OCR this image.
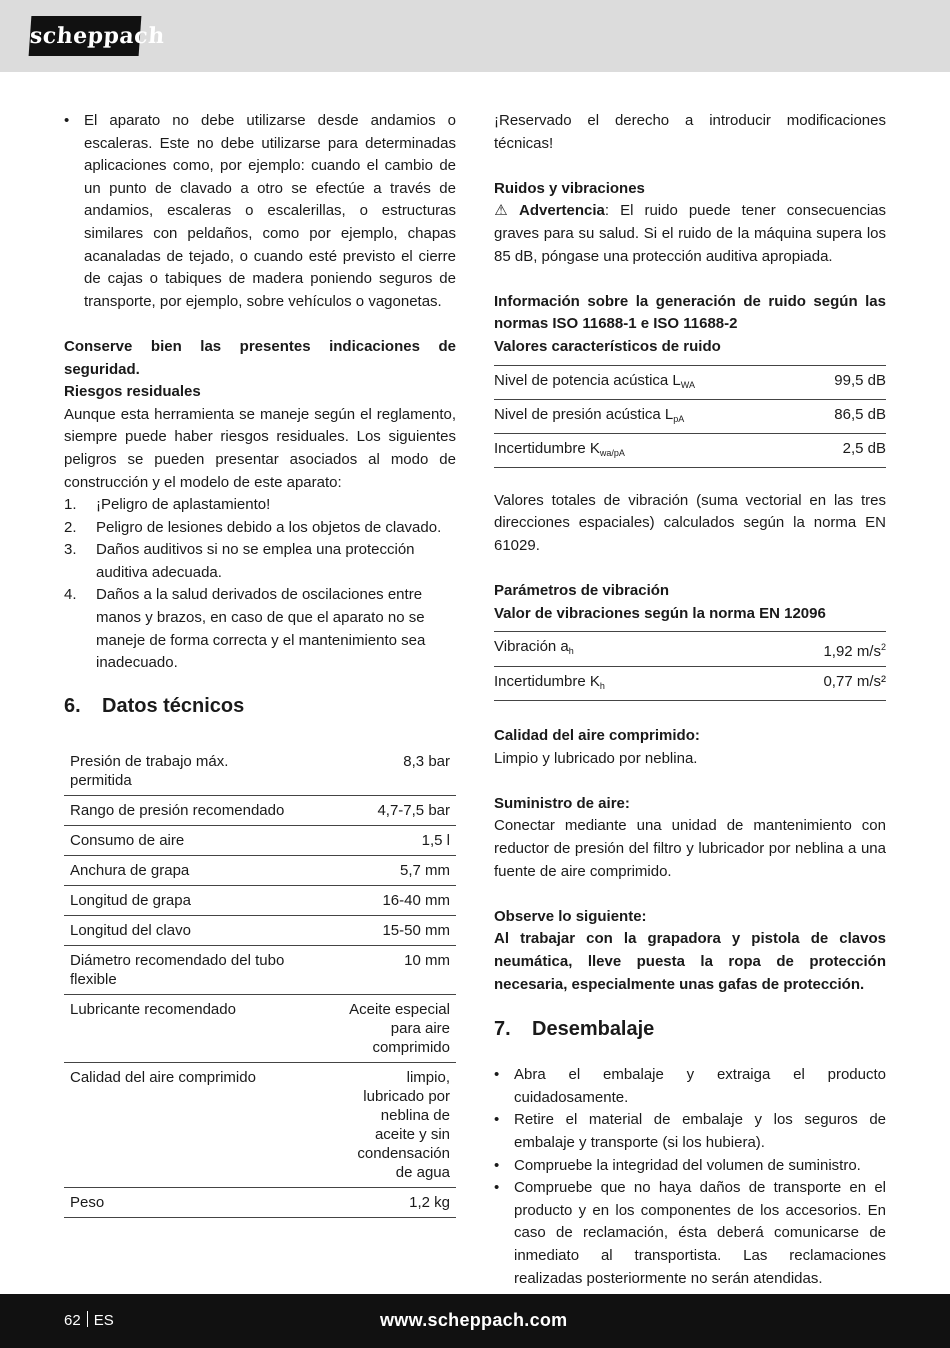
scheppach
• El aparato no debe utilizarse desde andamios o escaleras. Este no debe utilizarse para determinadas aplicaciones como, por ejemplo: cuando el cambio de un punto de clavado a otro se efectúe a través de andamios, escaleras o escalerillas, o estructuras similares con peldaños, como por ejemplo, chapas acanaladas de tejado, o cuando esté previsto el cierre de cajas o tabiques de madera poniendo seguros de transporte, por ejemplo, sobre vehículos o vagonetas.

Conserve bien las presentes indicaciones de seguridad.

Riesgos residuales

Aunque esta herramienta se maneje según el reglamento, siempre puede haber riesgos residuales. Los siguientes peligros se pueden presentar asociados al modo de construcción y el modelo de este aparato:

1. ¡Peligro de aplastamiento!
2. Peligro de lesiones debido a los objetos de clavado.
3. Daños auditivos si no se emplea una protección auditiva adecuada.
4. Daños a la salud derivados de oscilaciones entre manos y brazos, en caso de que el aparato no se maneje de forma correcta y el mantenimiento sea inadecuado.
6.	Datos técnicos
Presión de trabajo máx. permitida	8,3 bar
Rango de presión recomendado	4,7-7,5 bar
Consumo de aire	1,5 l
Anchura de grapa	5,7 mm
Longitud de grapa	16-40 mm
Longitud del clavo	15-50 mm
Diámetro recomendado del tubo flexible	10 mm
Lubricante recomendado	Aceite especial para aire comprimido
Calidad del aire comprimido	limpio, lubricado por neblina de aceite y sin condensación de agua
Peso	1,2 kg

¡Reservado el derecho a introducir modificaciones técnicas!

Ruidos y vibraciones

⚠ Advertencia: El ruido puede tener consecuencias graves para su salud. Si el ruido de la máquina supera los 85 dB, póngase una protección auditiva apropiada.

Información sobre la generación de ruido según las normas ISO 11688-1 e ISO 11688-2

Valores característicos de ruido

Nivel de potencia acústica $L_{WA}$	99,5 dB
Nivel de presión acústica $L_{pA}$	86,5 dB
Incertidumbre $K_{wa/pA}$	2,5 dB

Valores totales de vibración (suma vectorial en las tres direcciones espaciales) calculados según la norma EN 61029.

Parámetros de vibración

Valor de vibraciones según la norma EN 12096

Vibración $a_h$	1,92 $m/s^2$
Incertidumbre $K_h$	0,77 m/s²

Calidad del aire comprimido:

Limpio y lubricado por neblina.

Suministro de aire:

Conectar mediante una unidad de mantenimiento con reductor de presión del filtro y lubricador por neblina a una fuente de aire comprimido.

Observe lo siguiente:

Al trabajar con la grapadora y pistola de clavos neumática, lleve puesta la ropa de protección necesaria, especialmente unas gafas de protección.

7.	Desembalaje
• Abra el embalaje y extraiga el producto cuidadosamente.
• Retire el material de embalaje y los seguros de embalaje y transporte (si los hubiera).
• Compruebe la integridad del volumen de suministro.
• Compruebe que no haya daños de transporte en el producto y en los componentes de los accesorios. En caso de reclamación, ésta deberá comunicarse de inmediato al transportista. Las reclamaciones realizadas posteriormente no serán atendidas.
62 ES	www.scheppach.com
